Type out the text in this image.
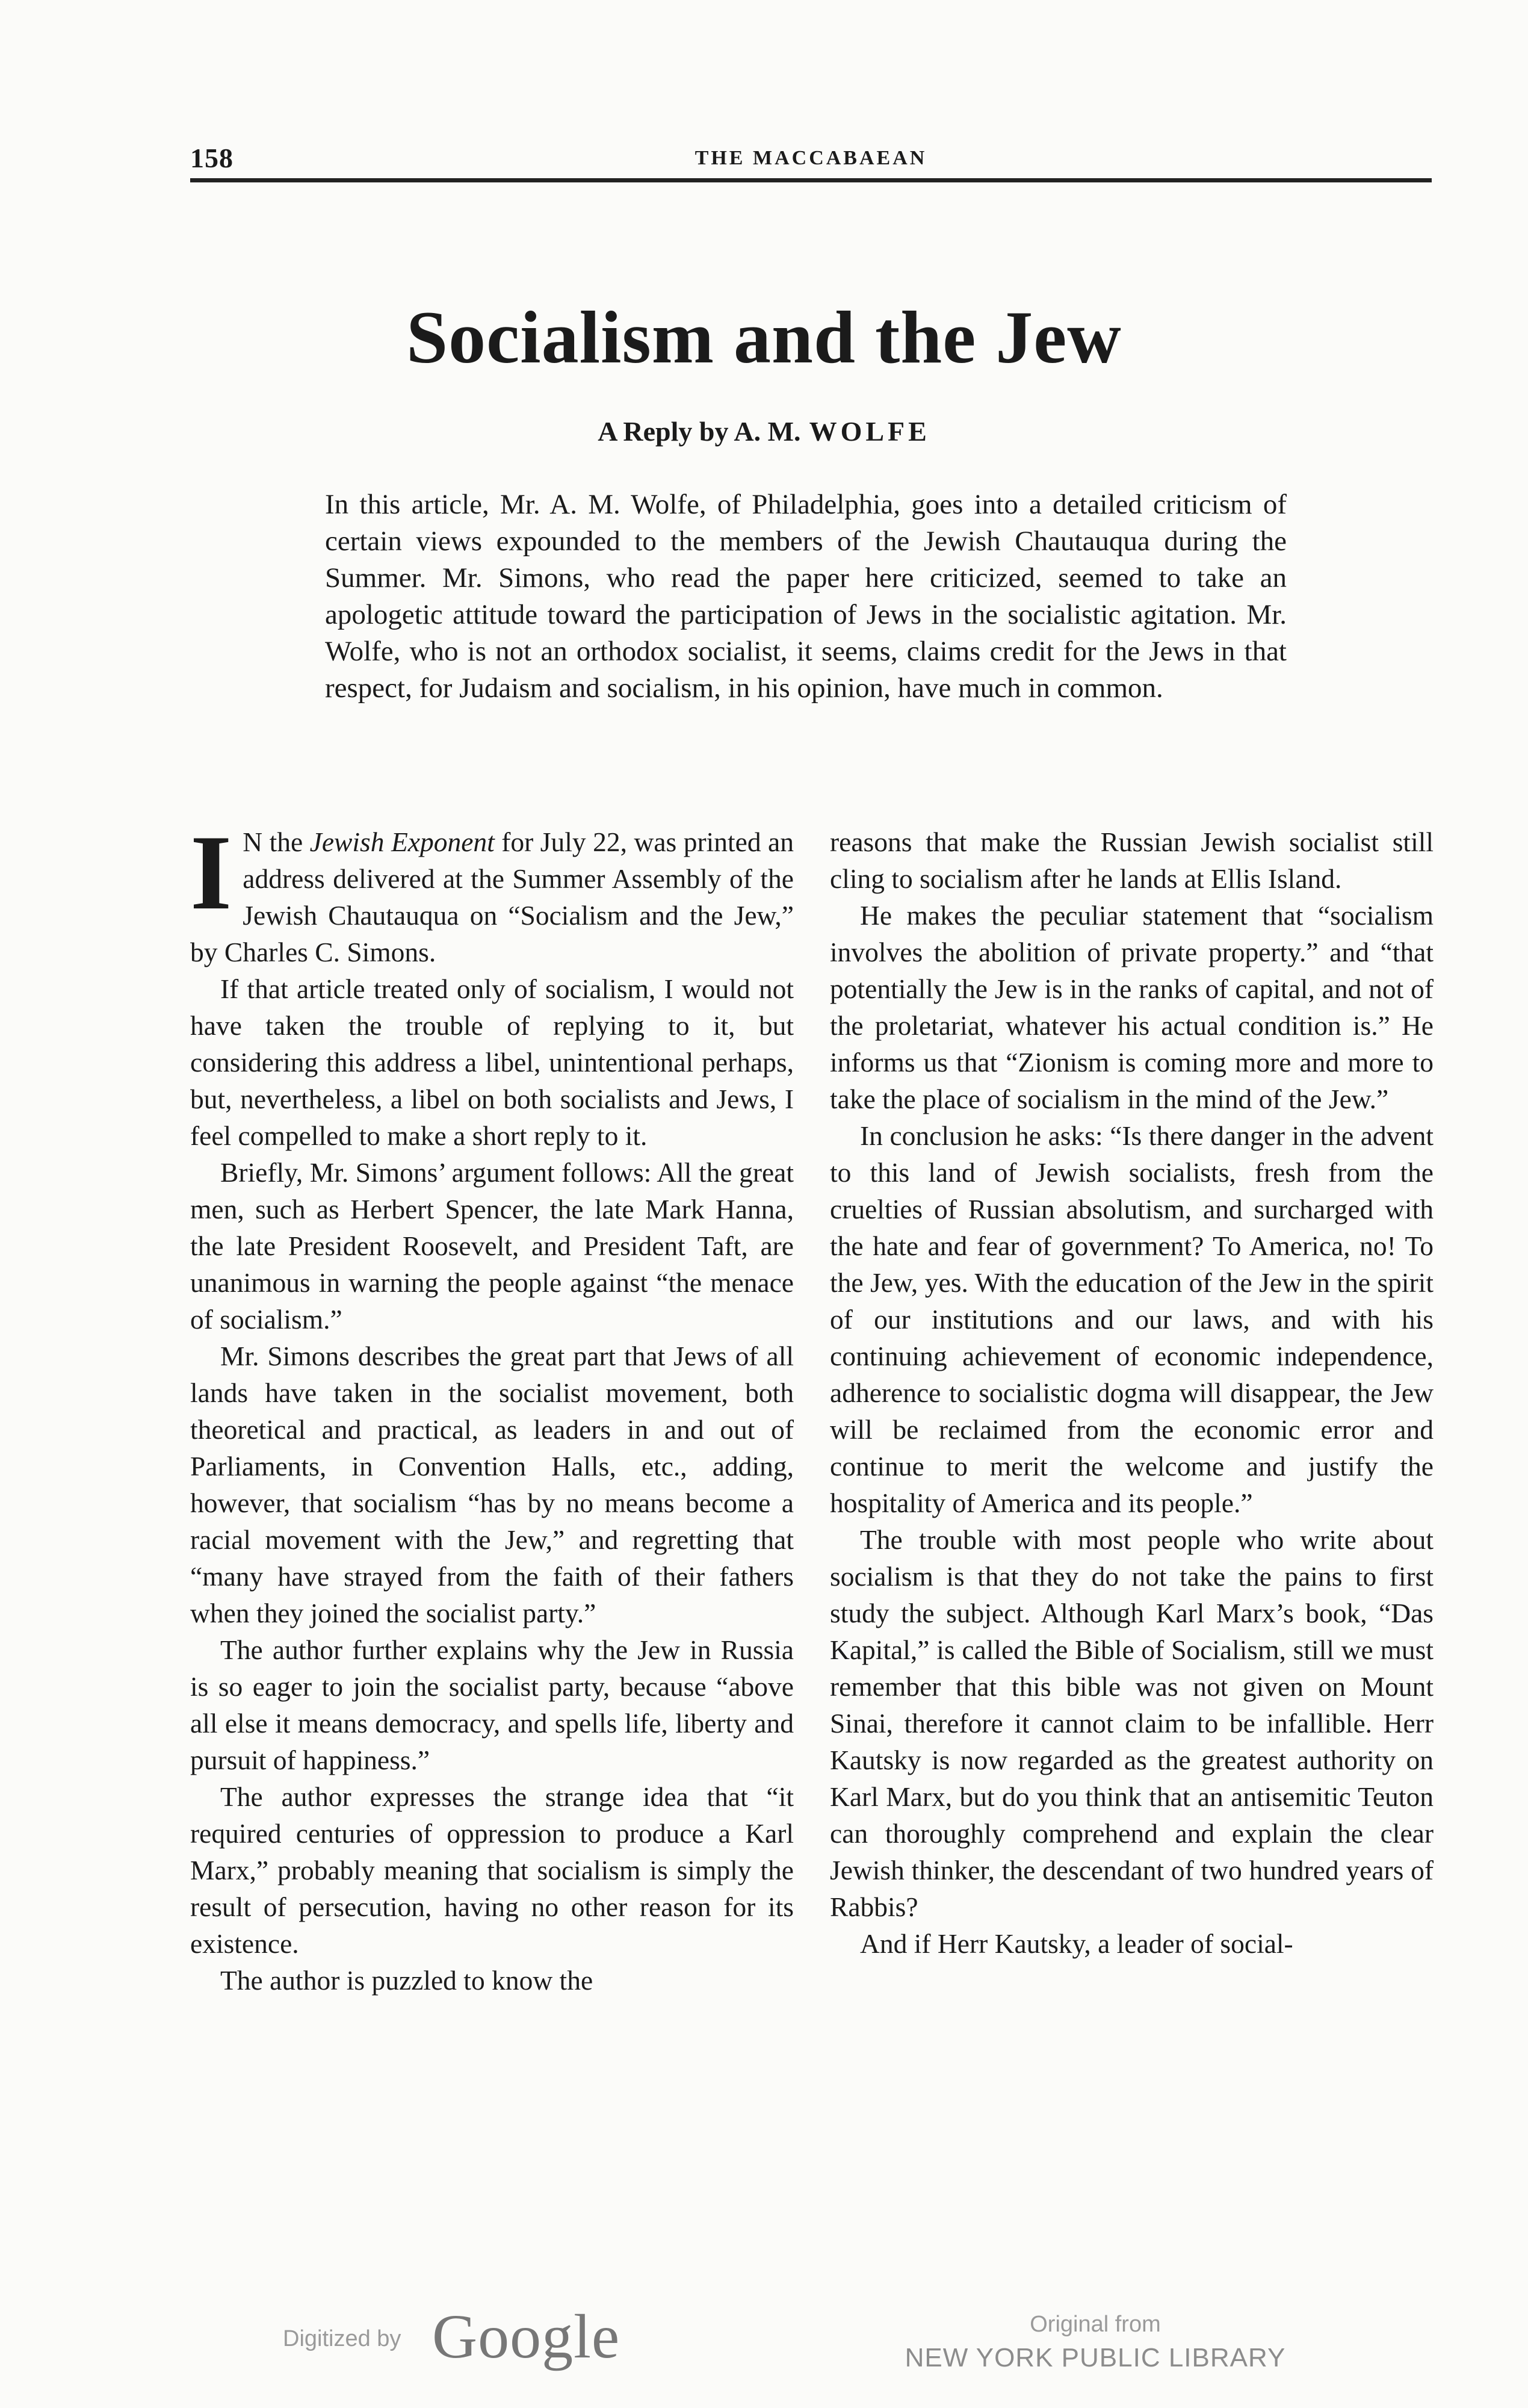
158	THE MACCABAEAN
Socialism and the Jew
A Reply by A. M. WOLFE

In this article, Mr. A. M. Wolfe, of Philadelphia, goes into a detailed criticism of certain views expounded to the members of the Jewish Chautauqua during the Summer. Mr. Simons, who read the paper here criticized, seemed to take an apologetic attitude toward the participation of Jews in the socialistic agitation. Mr. Wolfe, who is not an orthodox socialist, it seems, claims credit for the Jews in that respect, for Judaism and socialism, in his opinion, have much in common.

I N the Jewish Exponent for July 22, was printed an address delivered at the Summer Assembly of the Jewish Chautauqua on “Socialism and the Jew,” by Charles C. Simons.

If that article treated only of socialism, I would not have taken the trouble of replying to it, but considering this address a libel, unintentional perhaps, but, nevertheless, a libel on both socialists and Jews, I feel compelled to make a short reply to it.

Briefly, Mr. Simons’ argument follows: All the great men, such as Herbert Spencer, the late Mark Hanna, the late President Roosevelt, and President Taft, are unanimous in warning the people against “the menace of socialism.”

Mr. Simons describes the great part that Jews of all lands have taken in the socialist movement, both theoretical and practical, as leaders in and out of Parliaments, in Convention Halls, etc., adding, however, that socialism “has by no means become a racial movement with the Jew,” and regretting that “many have strayed from the faith of their fathers when they joined the socialist party.”

The author further explains why the Jew in Russia is so eager to join the socialist party, because “above all else it means democracy, and spells life, liberty and pursuit of happiness.”

The author expresses the strange idea that “it required centuries of oppression to produce a Karl Marx,” probably meaning that socialism is simply the result of persecution, having no other reason for its existence.

The author is puzzled to know the

reasons that make the Russian Jewish socialist still cling to socialism after he lands at Ellis Island.

He makes the peculiar statement that “socialism involves the abolition of private property.” and “that potentially the Jew is in the ranks of capital, and not of the proletariat, whatever his actual condition is.” He informs us that “Zionism is coming more and more to take the place of socialism in the mind of the Jew.”

In conclusion he asks: “Is there danger in the advent to this land of Jewish socialists, fresh from the cruelties of Russian absolutism, and surcharged with the hate and fear of government? To America, no! To the Jew, yes. With the education of the Jew in the spirit of our institutions and our laws, and with his continuing achievement of economic independence, adherence to socialistic dogma will disappear, the Jew will be reclaimed from the economic error and continue to merit the welcome and justify the hospitality of America and its people.”

The trouble with most people who write about socialism is that they do not take the pains to first study the subject. Although Karl Marx’s book, “Das Kapital,” is called the Bible of Socialism, still we must remember that this bible was not given on Mount Sinai, therefore it cannot claim to be infallible. Herr Kautsky is now regarded as the greatest authority on Karl Marx, but do you think that an antisemitic Teuton can thoroughly comprehend and explain the clear Jewish thinker, the descendant of two hundred years of Rabbis?

And if Herr Kautsky, a leader of social-

Digitized by Google	Original from
NEW YORK PUBLIC LIBRARY
